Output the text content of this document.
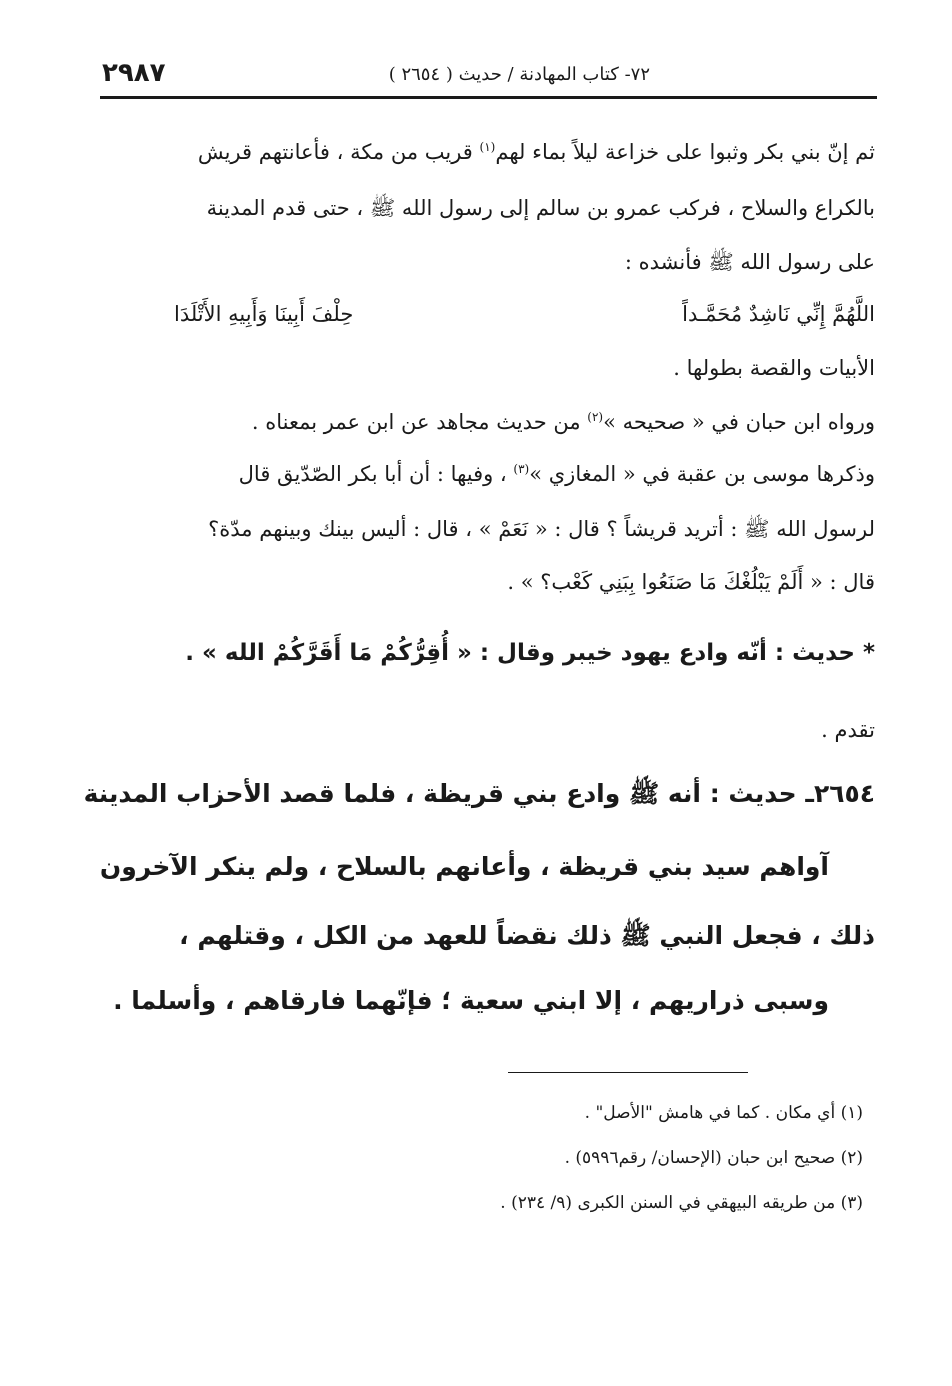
٢٩٨٧	٧٢- كتاب المهادنة / حديث ( ٢٦٥٤ )
ثم إنّ بني بكر وثبوا على خزاعة ليلاً بماء لهم$^{(١)}$ قريب من مكة ، فأعانتهم قريش
بالكراع والسلاح ، فركب عمرو بن سالم إلى رسول الله ﷺ ، حتى قدم المدينة
على رسول الله ﷺ فأنشده :
اللَّهُمَّ إِنِّي نَاشِدٌ مُحَمَّـداً
حِلْفَ أَبِينَا وَأَبِيهِ الأَتْلَدَا
الأبيات والقصة بطولها .
ورواه ابن حبان في « صحيحه »$^{(٢)}$ من حديث مجاهد عن ابن عمر بمعناه .
وذكرها موسى بن عقبة في « المغازي »$^{(٣)}$ ، وفيها : أن أبا بكر الصّدّيق قال
لرسول الله ﷺ : أتريد قريشاً ؟ قال : « نَعَمْ » ، قال : أليس بينك وبينهم مدّة؟
قال : « أَلَمْ يَبْلُغْكَ مَا صَنَعُوا بِبَنِي كَعْب؟ » .
* حديث : أنّه وادع يهود خيبر وقال : « أُقِرُّكُمْ مَا أَقَرَّكُمْ الله » .
تقدم .
٢٦٥٤ـ حديث : أنه ﷺ وادع بني قريظة ، فلما قصد الأحزاب المدينة
آواهم سيد بني قريظة ، وأعانهم بالسلاح ، ولم ينكر الآخرون
ذلك ، فجعل النبي ﷺ ذلك نقضاً للعهد من الكل ، وقتلهم ،
وسبى ذراريهم ، إلا ابني سعية ؛ فإنّهما فارقاهم ، وأسلما .
(١) أي مكان . كما في هامش "الأصل" .
(٢) صحيح ابن حبان (الإحسان/ رقم٥٩٩٦) .
(٣) من طريقه البيهقي في السنن الكبرى (٩/ ٢٣٤) .
